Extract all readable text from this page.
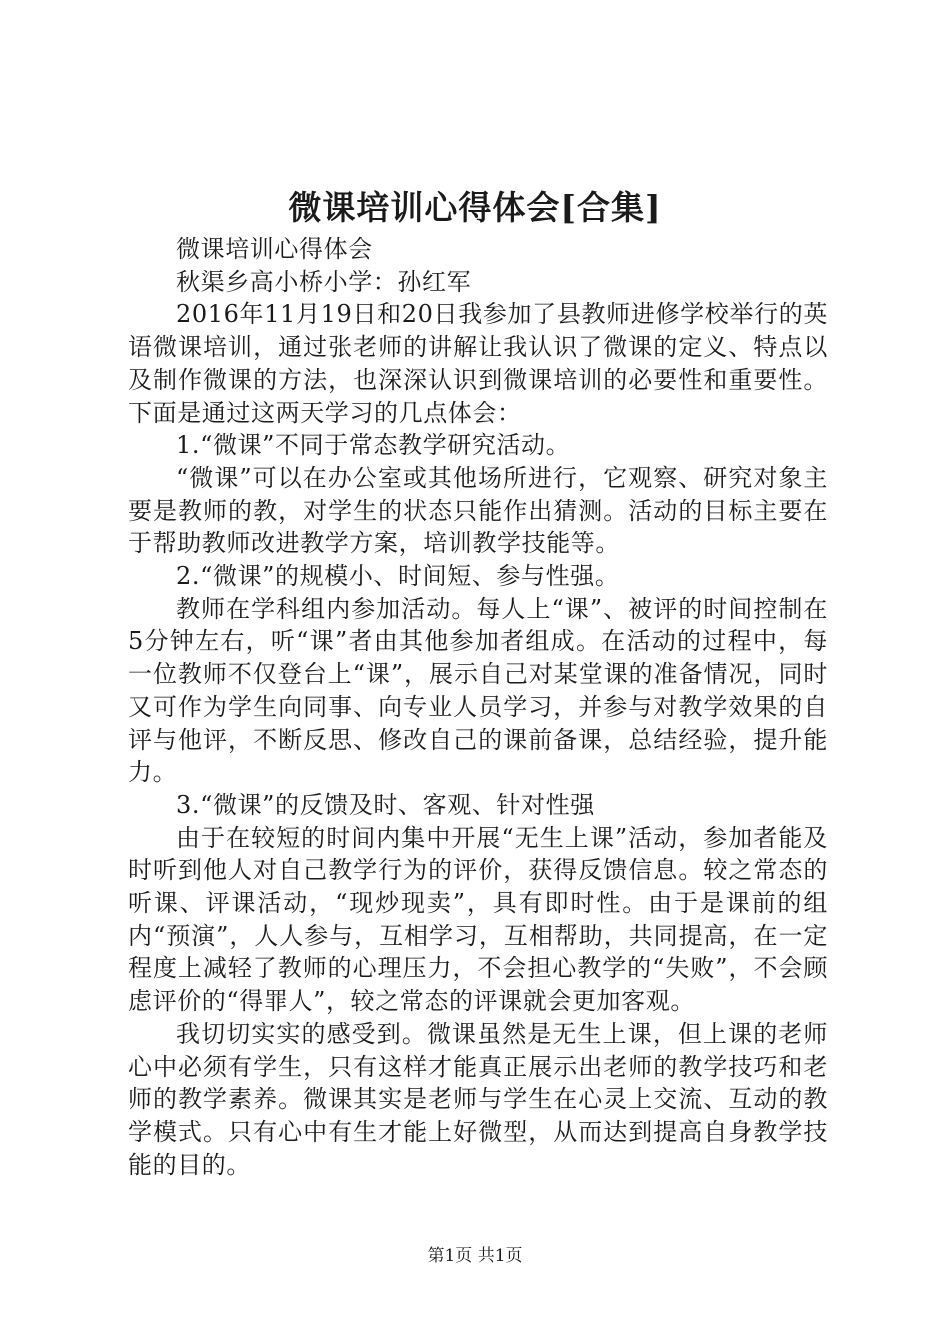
微课培训心得体会[合集]

微课培训心得体会

秋渠乡高小桥小学：孙红军

2016年11月19日和20日我参加了县教师进修学校举行的英语微课培训，通过张老师的讲解让我认识了微课的定义、特点以及制作微课的方法，也深深认识到微课培训的必要性和重要性。下面是通过这两天学习的几点体会：

1.“微课”不同于常态教学研究活动。

“微课”可以在办公室或其他场所进行，它观察、研究对象主要是教师的教，对学生的状态只能作出猜测。活动的目标主要在于帮助教师改进教学方案，培训教学技能等。

2.“微课”的规模小、时间短、参与性强。

教师在学科组内参加活动。每人上“课”、被评的时间控制在5分钟左右，听“课”者由其他参加者组成。在活动的过程中，每一位教师不仅登台上“课”，展示自己对某堂课的准备情况，同时又可作为学生向同事、向专业人员学习，并参与对教学效果的自评与他评，不断反思、修改自己的课前备课，总结经验，提升能力。

3.“微课”的反馈及时、客观、针对性强

由于在较短的时间内集中开展“无生上课”活动，参加者能及时听到他人对自己教学行为的评价，获得反馈信息。较之常态的听课、评课活动，“现炒现卖”，具有即时性。由于是课前的组内“预演”，人人参与，互相学习，互相帮助，共同提高，在一定程度上减轻了教师的心理压力，不会担心教学的“失败”，不会顾虑评价的“得罪人”，较之常态的评课就会更加客观。

我切切实实的感受到。微课虽然是无生上课，但上课的老师心中必须有学生，只有这样才能真正展示出老师的教学技巧和老师的教学素养。微课其实是老师与学生在心灵上交流、互动的教学模式。只有心中有生才能上好微型，从而达到提高自身教学技能的目的。

第1页 共1页
